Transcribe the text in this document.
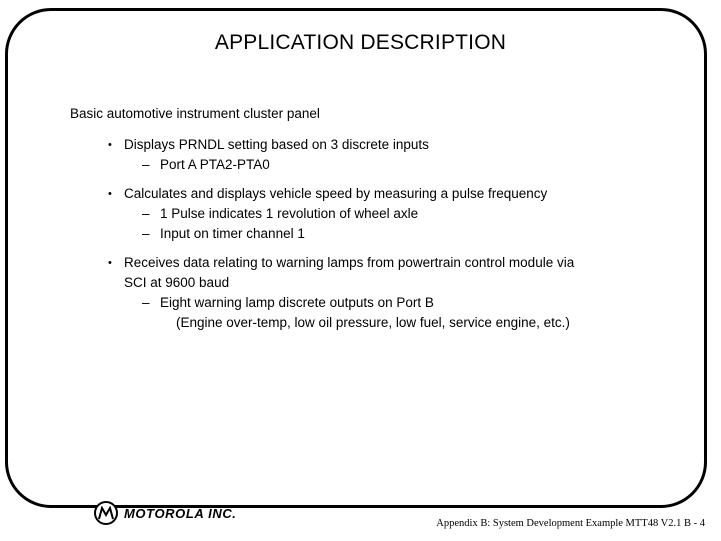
APPLICATION DESCRIPTION
Basic automotive instrument cluster panel
• Displays PRNDL setting based on 3 discrete inputs
– Port A PTA2-PTA0
• Calculates and displays vehicle speed by measuring a pulse frequency
– 1 Pulse indicates 1 revolution of wheel axle
– Input on timer channel 1
• Receives data relating to warning lamps from powertrain control module via
SCI at 9600 baud
– Eight warning lamp discrete outputs on Port B
(Engine over-temp, low oil pressure, low fuel, service engine, etc.)
MOTOROLA INC.
Appendix B: System Development Example MTT48 V2.1 B - 4
